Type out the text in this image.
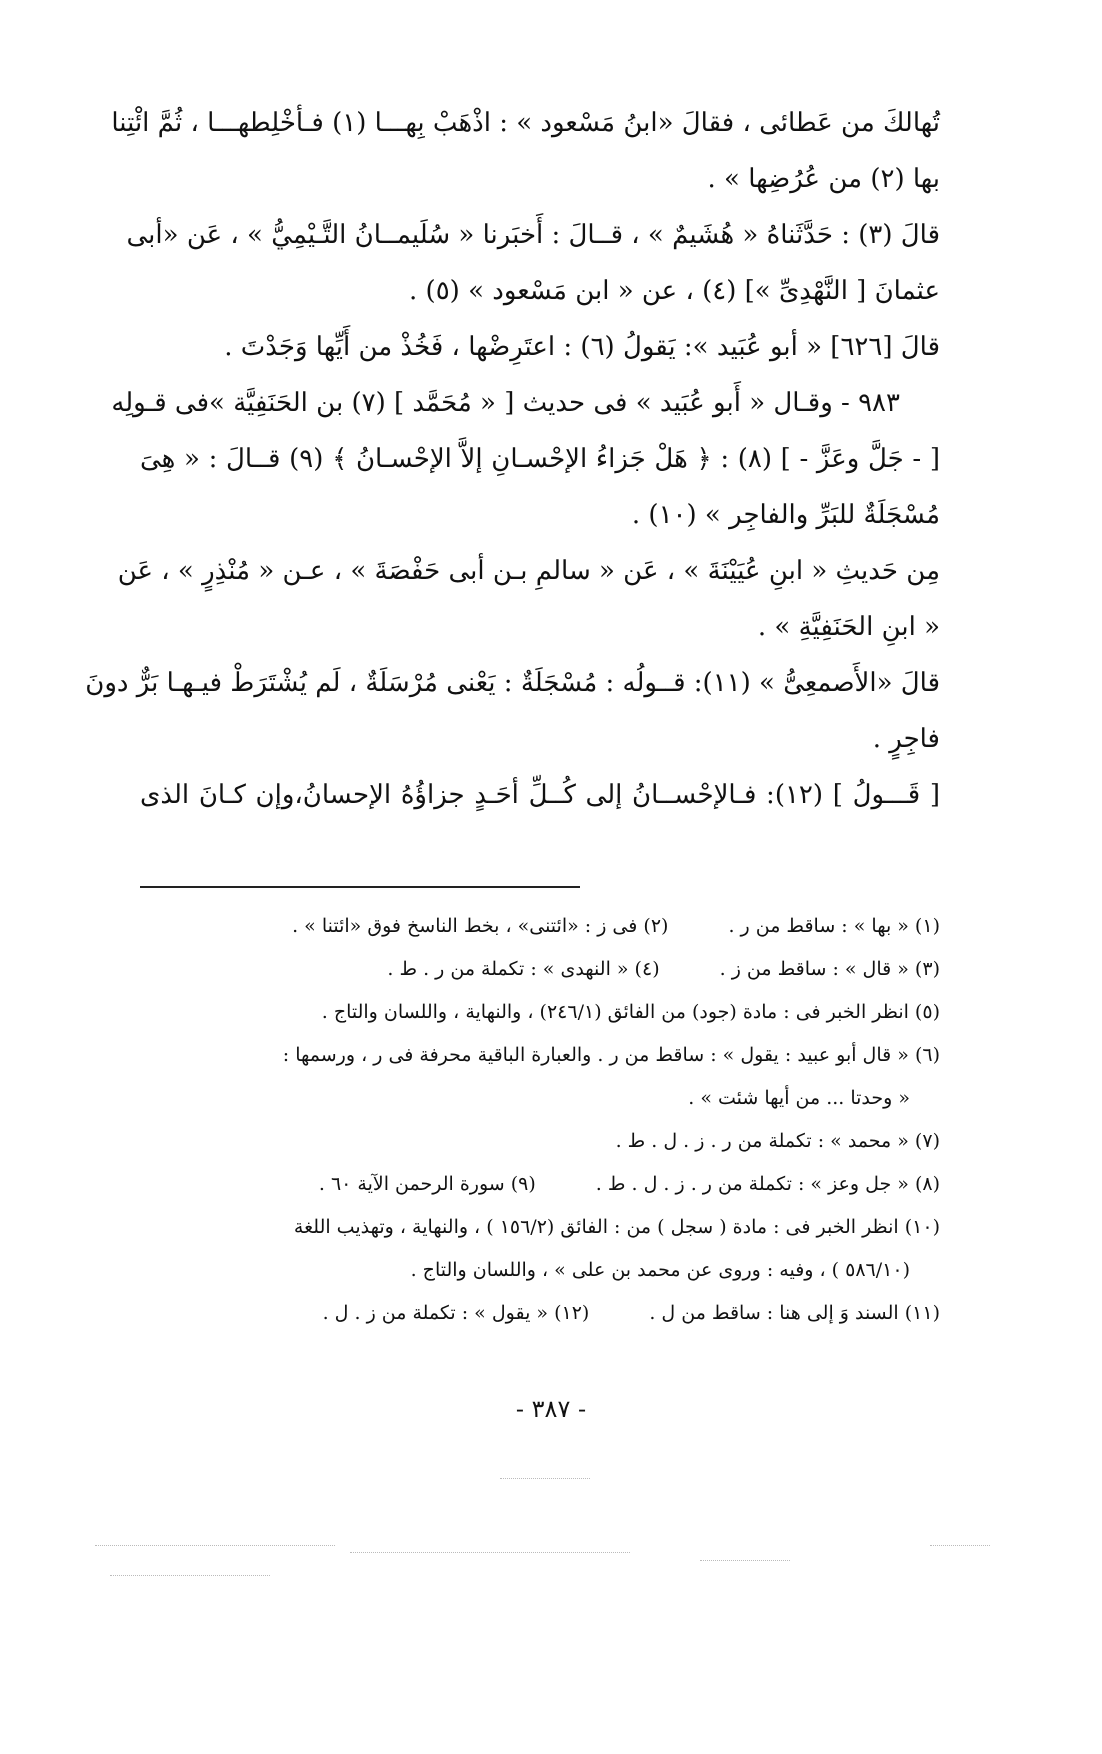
تُهالكَ من عَطائى ، فقالَ «ابنُ مَسْعود » : اذْهَبْ بِهـــا (١) فـأخْلِطهـــا ، ثُمَّ ائْتِنا
بها (٢) من عُرُضِها » .
قالَ (٣) : حَدَّثَناهُ « هُشَيمٌ » ، قــالَ : أَخبَرنا « سُلَيمــانُ التَّـيْمِيُّ » ، عَن «أبى
عثمانَ [ النَّهْدِىِّ »] (٤) ، عن « ابن مَسْعود » (٥) .
قالَ [٦٢٦] « أبو عُبَيد »: يَقولُ (٦) : اعتَرِضْها ، فَخُذْ من أَيِّها وَجَدْتَ .
٩٨٣ - وقـال « أَبو عُبَيد » فى حديث [ « مُحَمَّد ] (٧) بن الحَنَفِيَّة »فى قـولِه
[ - جَلَّ وعَزَّ - ] (٨) : ﴿ هَلْ جَزاءُ الإحْسـانِ إلاَّ الإحْسـانُ ﴾ (٩) قــالَ : « هِىَ
مُسْجَلَةٌ للبَرِّ والفاجِر » (١٠) .
مِن حَديثِ « ابنِ عُيَيْنَةَ » ، عَن « سالمِ بـن أبى حَفْصَةَ » ، عـن « مُنْذِرٍ » ، عَن
« ابنِ الحَنَفِيَّةِ » .
قالَ «الأَصمعِىُّ » (١١): قــولُه : مُسْجَلَةٌ : يَعْنى مُرْسَلَةٌ ، لَم يُشْتَرَطْ فيـهـا بَرٌّ دونَ
فاجِرٍ .
[ قَـــولُ ] (١٢): فـالإحْســانُ إلى كُــلِّ أحَـدٍ جزاؤُهُ الإحسانُ،وإن كـانَ الذى
(١) « بها » : ساقط من ر .
(٢) فى ز : «ائتنى» ، بخط الناسخ فوق «ائتنا » .
(٣) « قال » : ساقط من ز .
(٤) « النهدى » : تكملة من ر . ط .
(٥) انظر الخبر فى : مادة (جود) من الفائق (٢٤٦/١) ، والنهاية ، واللسان والتاج .
(٦) « قال أبو عبيد : يقول » : ساقط من ر . والعبارة الباقية محرفة فى ر ، ورسمها :
« وحدتا ... من أيها شئت » .
(٧) « محمد » : تكملة من ر . ز . ل . ط .
(٨) « جل وعز » : تكملة من ر . ز . ل . ط .
(٩) سورة الرحمن الآية ٦٠ .
(١٠) انظر الخبر فى : مادة ( سجل ) من : الفائق (١٥٦/٢ ) ، والنهاية ، وتهذيب اللغة
(٥٨٦/١٠ ) ، وفيه : وروى عن محمد بن على » ، واللسان والتاج .
(١١) السند وَ إلى هنا : ساقط من ل .
(١٢) « يقول » : تكملة من ز . ل .
- ٣٨٧ -
